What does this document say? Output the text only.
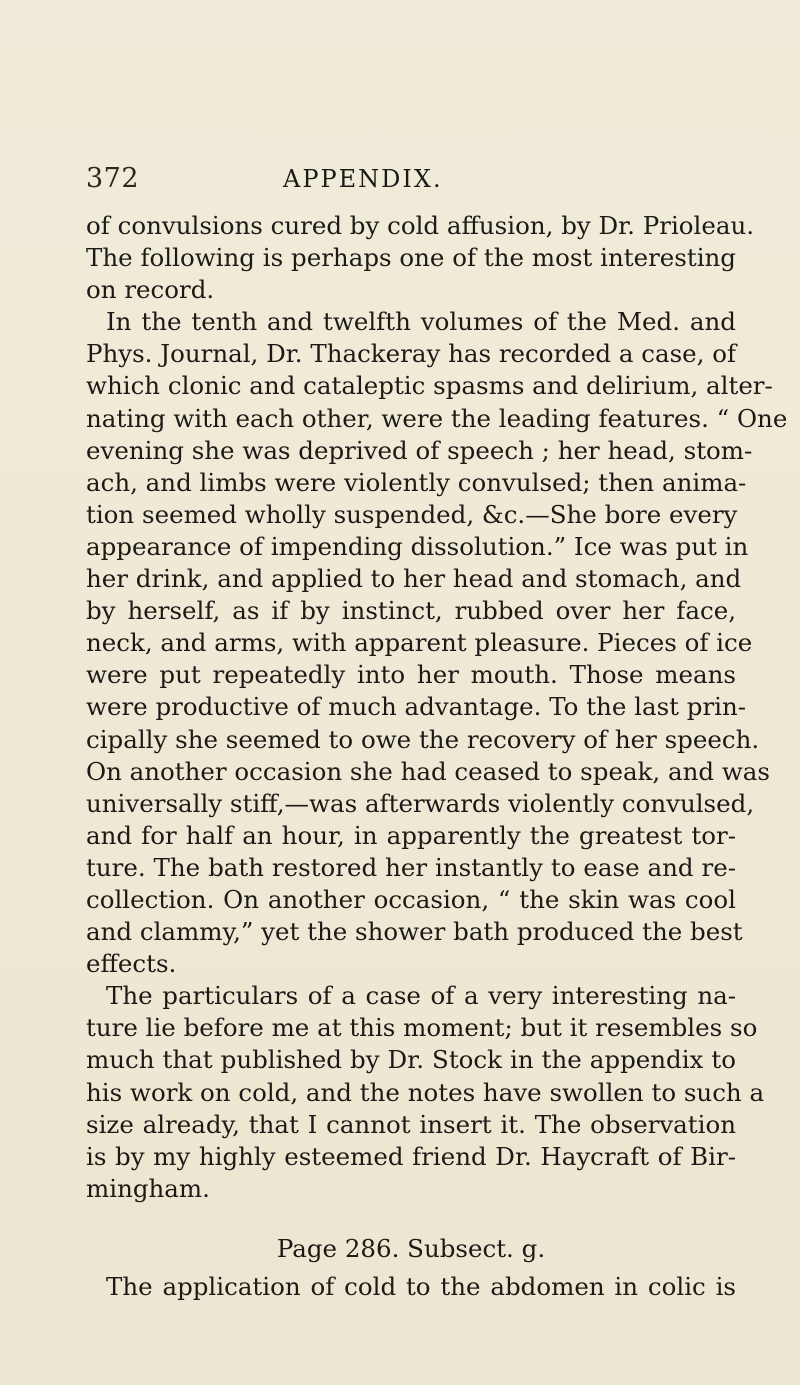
372	APPENDIX.
of convulsions cured by cold affusion, by Dr. Prioleau.
The following is perhaps one of the most interesting
on record.
In the tenth and twelfth volumes of the Med. and
Phys. Journal, Dr. Thackeray has recorded a case, of
which clonic and cataleptic spasms and delirium, alter-
nating with each other, were the leading features. “ One
evening she was deprived of speech ; her head, stom-
ach, and limbs were violently convulsed; then anima-
tion seemed wholly suspended, &c.—She bore every
appearance of impending dissolution.” Ice was put in
her drink, and applied to her head and stomach, and
by herself, as if by instinct, rubbed over her face,
neck, and arms, with apparent pleasure. Pieces of ice
were put repeatedly into her mouth. Those means
were productive of much advantage. To the last prin-
cipally she seemed to owe the recovery of her speech.
On another occasion she had ceased to speak, and was
universally stiff,—was afterwards violently convulsed,
and for half an hour, in apparently the greatest tor-
ture. The bath restored her instantly to ease and re-
collection. On another occasion, “ the skin was cool
and clammy,” yet the shower bath produced the best
effects.
The particulars of a case of a very interesting na-
ture lie before me at this moment; but it resembles so
much that published by Dr. Stock in the appendix to
his work on cold, and the notes have swollen to such a
size already, that I cannot insert it. The observation
is by my highly esteemed friend Dr. Haycraft of Bir-
mingham.
Page 286. Subsect. g.
The application of cold to the abdomen in colic is
